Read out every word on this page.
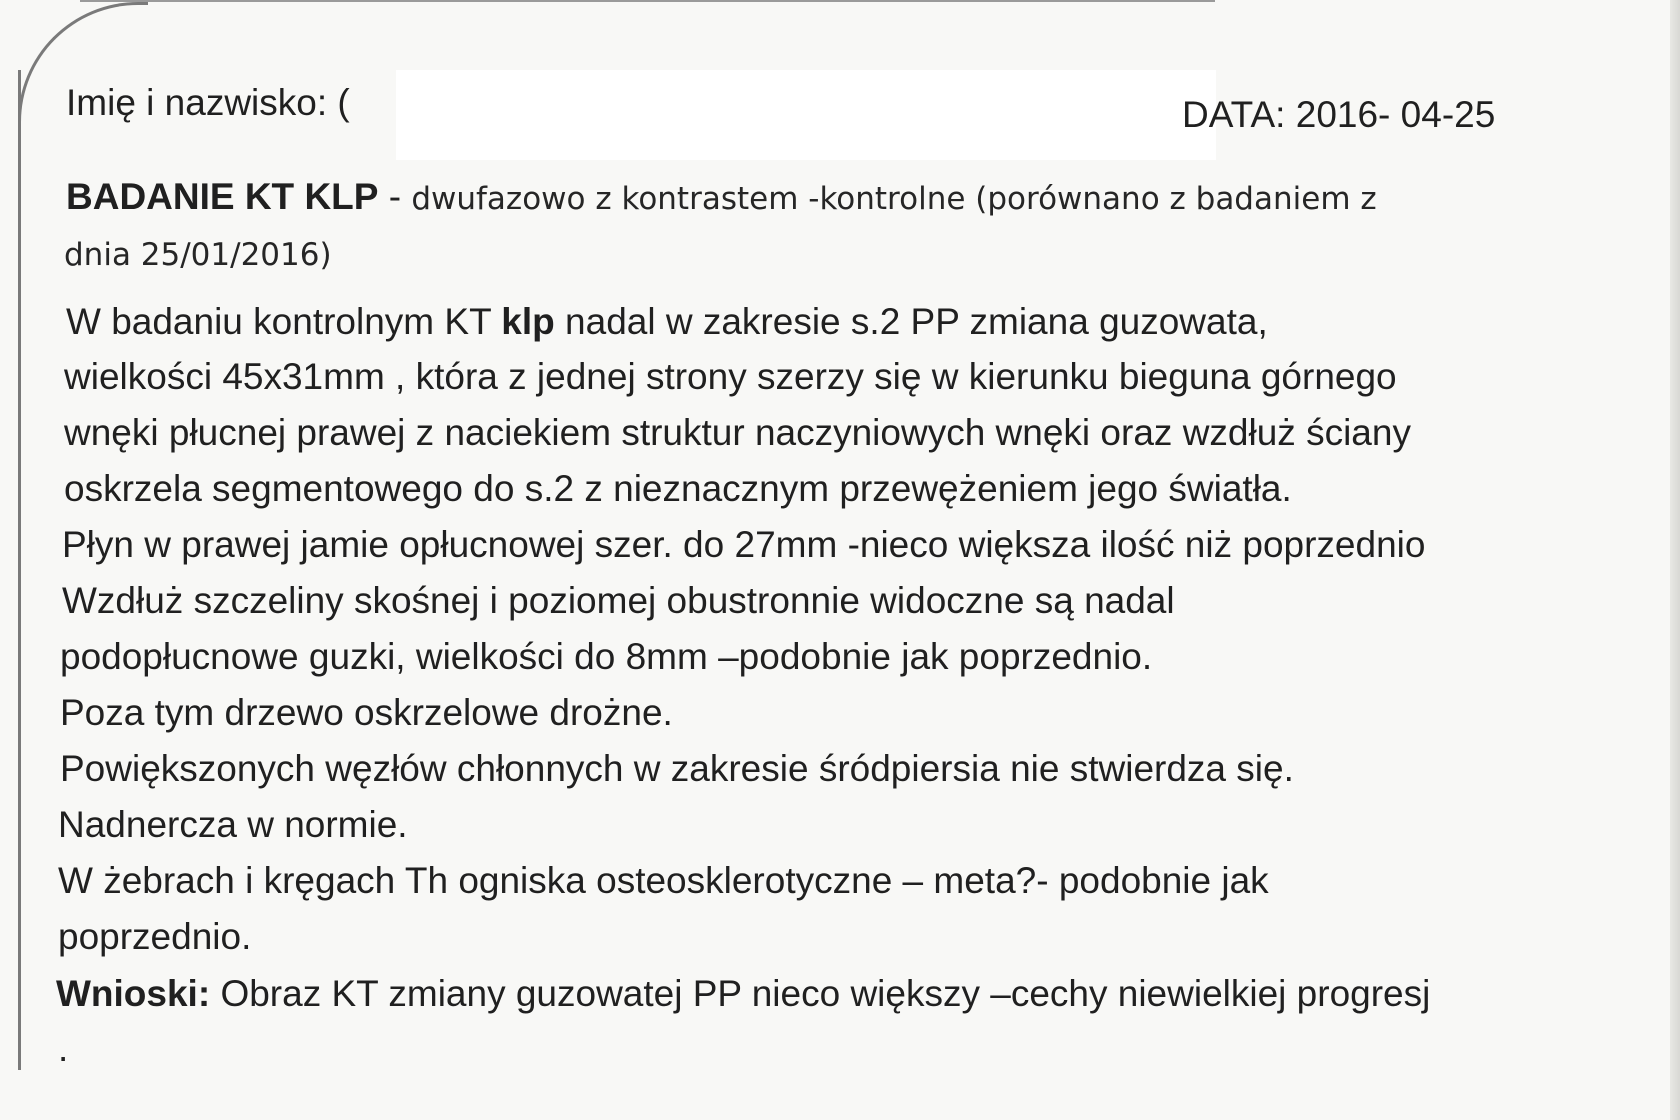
Imię i nazwisko: (	DATA: 2016- 04-25
BADANIE KT KLP - dwufazowo z kontrastem -kontrolne (porównano z badaniem z
dnia 25/01/2016)
W badaniu kontrolnym KT klp nadal w zakresie s.2 PP zmiana guzowata,
wielkości 45x31mm , która z jednej strony szerzy się w kierunku bieguna górnego
wnęki płucnej prawej z naciekiem struktur naczyniowych wnęki oraz wzdłuż ściany
oskrzela segmentowego do s.2 z nieznacznym przewężeniem jego światła.
Płyn w prawej jamie opłucnowej szer. do 27mm -nieco większa ilość niż poprzednio
Wzdłuż szczeliny skośnej i poziomej obustronnie widoczne są nadal
podopłucnowe guzki, wielkości do 8mm –podobnie jak poprzednio.
Poza tym drzewo oskrzelowe drożne.
Powiększonych węzłów chłonnych w zakresie śródpiersia nie stwierdza się.
Nadnercza w normie.
W żebrach i kręgach Th ogniska osteosklerotyczne – meta?- podobnie jak
poprzednio.
Wnioski: Obraz KT zmiany guzowatej PP nieco większy –cechy niewielkiej progresj
.
